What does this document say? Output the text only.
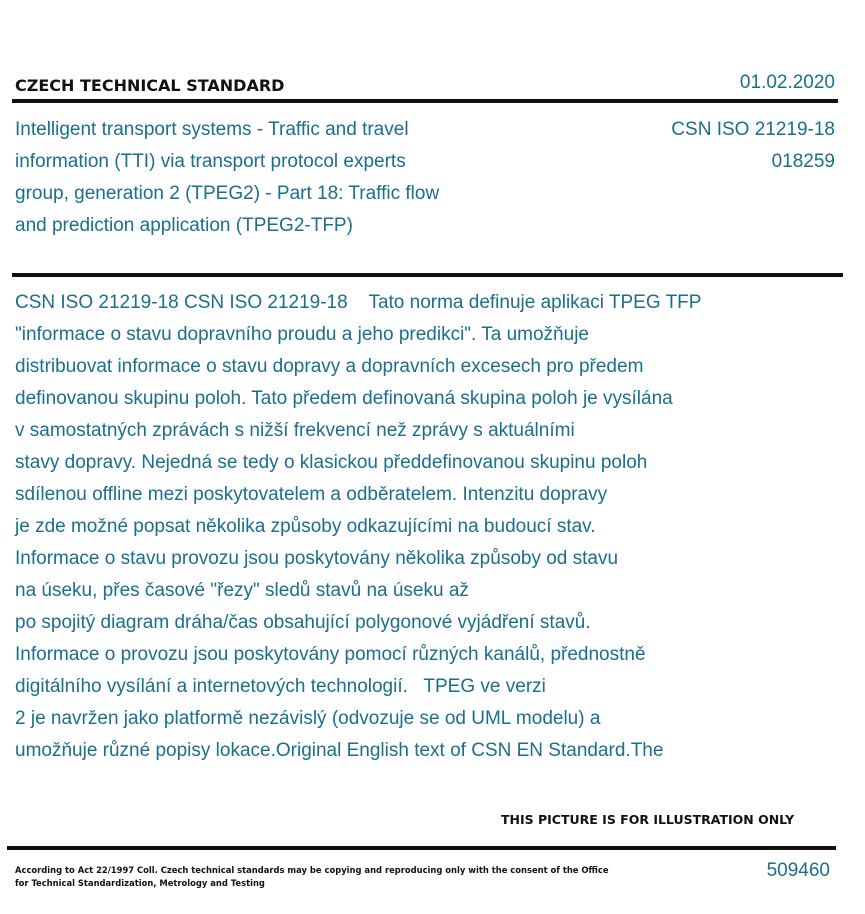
CZECH TECHNICAL STANDARD	01.02.2020
Intelligent transport systems - Traffic and travel
information (TTI) via transport protocol experts
group, generation 2 (TPEG2) - Part 18: Traffic flow
and prediction application (TPEG2-TFP)
CSN ISO 21219-18
018259
CSN ISO 21219-18 CSN ISO 21219-18    Tato norma definuje aplikaci TPEG TFP
"informace o stavu dopravního proudu a jeho predikci". Ta umožňuje
distribuovat informace o stavu dopravy a dopravních excesech pro předem
definovanou skupinu poloh. Tato předem definovaná skupina poloh je vysílána
v samostatných zprávách s nižší frekvencí než zprávy s aktuálními
stavy dopravy. Nejedná se tedy o klasickou předdefinovanou skupinu poloh
sdílenou offline mezi poskytovatelem a odběratelem. Intenzitu dopravy
je zde možné popsat několika způsoby odkazujícími na budoucí stav.
Informace o stavu provozu jsou poskytovány několika způsoby od stavu
na úseku, přes časové "řezy" sledů stavů na úseku až
po spojitý diagram dráha/čas obsahující polygonové vyjádření stavů.
Informace o provozu jsou poskytovány pomocí různých kanálů, přednostně
digitálního vysílání a internetových technologií.   TPEG ve verzi
2 je navržen jako platformě nezávislý (odvozuje se od UML modelu) a
umožňuje různé popisy lokace.Original English text of CSN EN Standard.The
THIS PICTURE IS FOR ILLUSTRATION ONLY
According to Act 22/1997 Coll. Czech technical standards may be copying and reproducing only with the consent of the Office
for Technical Standardization, Metrology and Testing
509460
